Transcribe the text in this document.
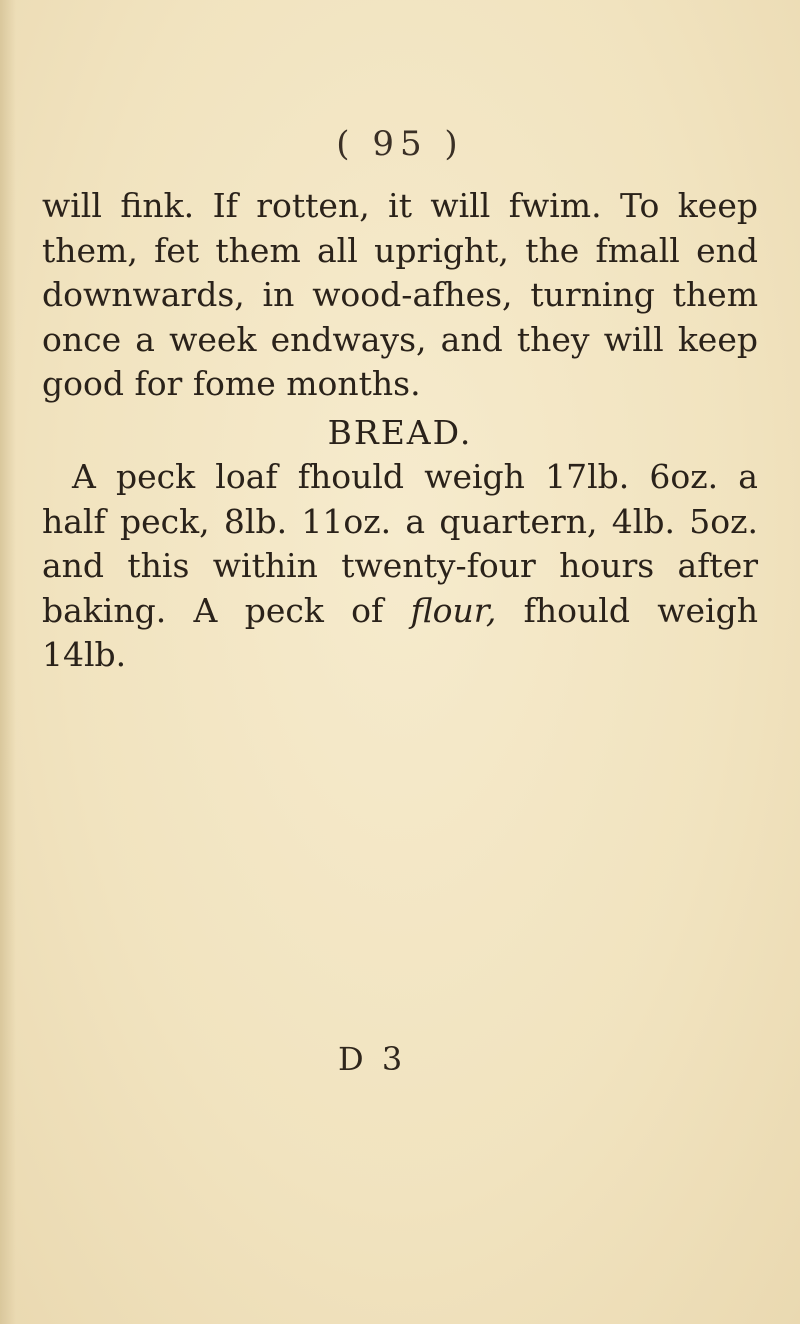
( 95 )
will fink. If rotten, it will fwim. To keep
them, fet them all upright, the fmall end
downwards, in wood-afhes, turning them
once a week endways, and they will keep
good for fome months.
BREAD.
A peck loaf fhould weigh 17lb. 6oz. a
half peck, 8lb. 11oz. a quartern, 4lb. 5oz.
and this within twenty-four hours after
baking. A peck of flour, fhould weigh
14lb.
D 3
